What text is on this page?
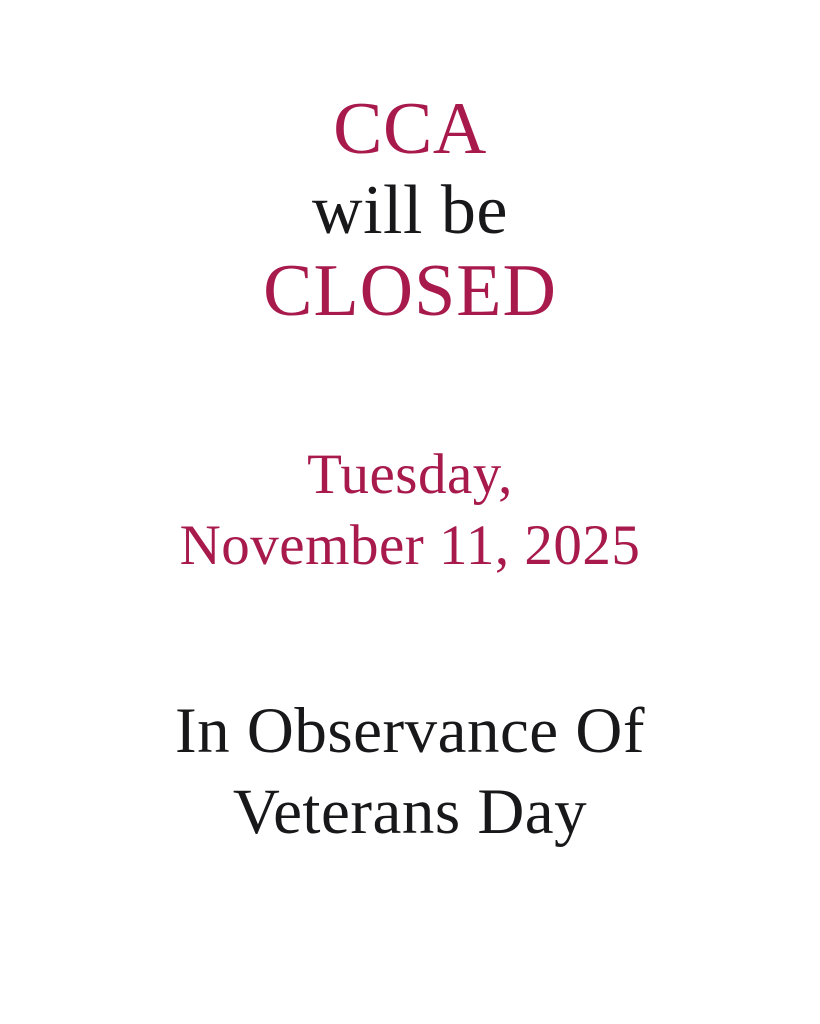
CCA
will be
CLOSED
Tuesday,
November 11, 2025
In Observance Of
Veterans Day
